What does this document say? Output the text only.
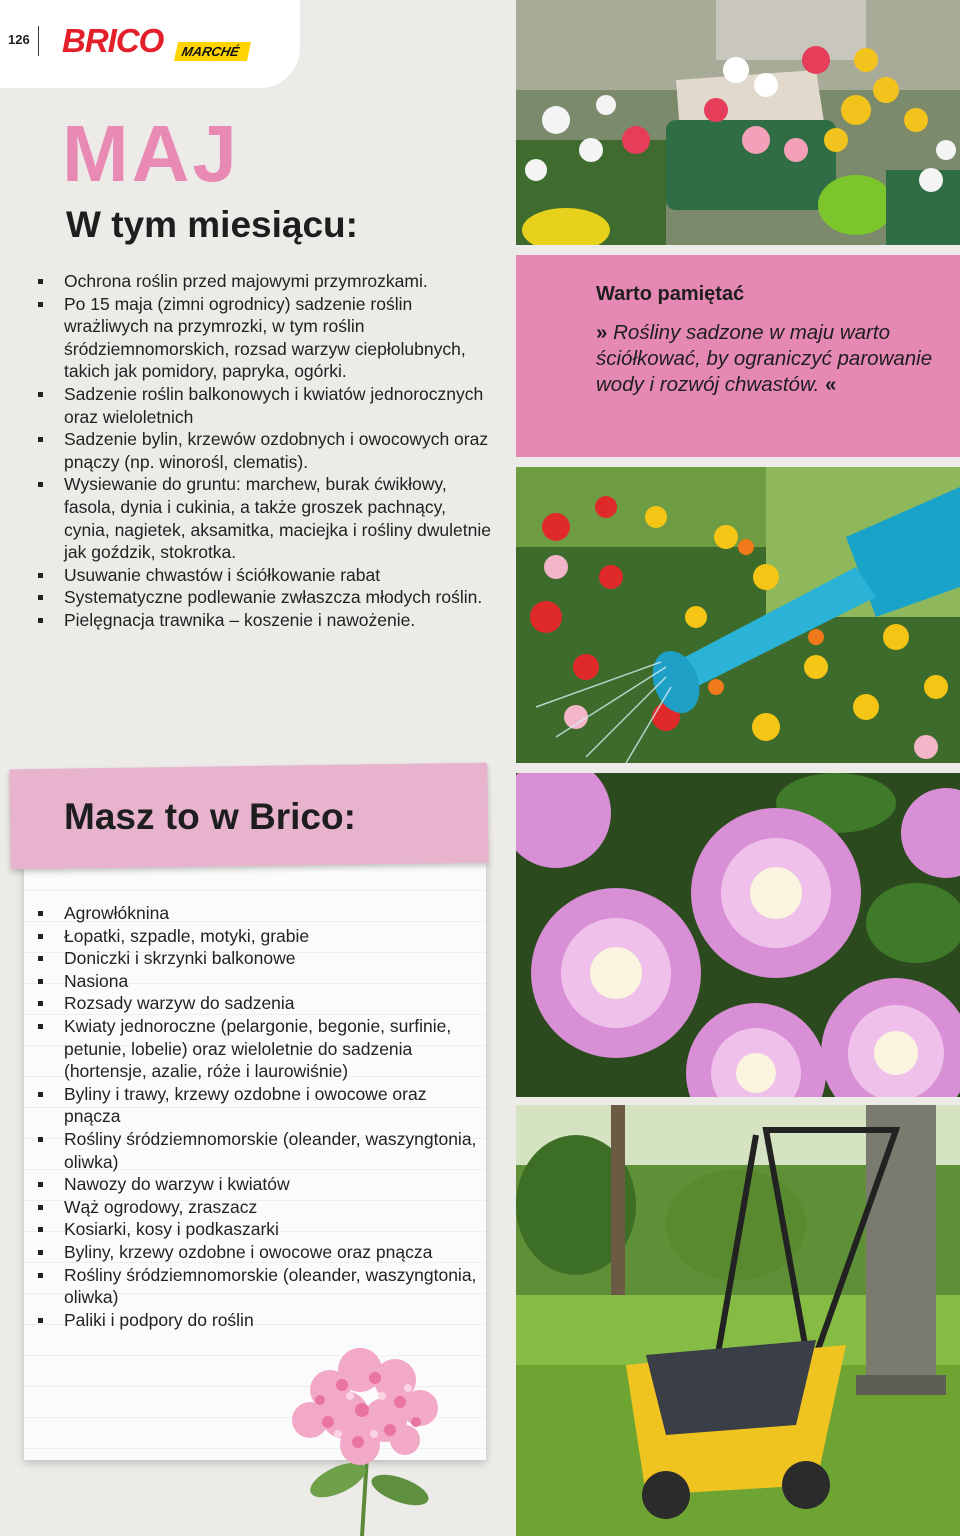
126 BRICO	MARCHÉ
MAJ
W tym miesiącu:
Ochrona roślin przed majowymi przymrozkami.
Po 15 maja (zimni ogrodnicy) sadzenie roślin wrażliwych na przymrozki, w tym roślin śródziemnomorskich, rozsad warzyw ciepłolubnych, takich jak pomidory, papryka, ogórki.
Sadzenie roślin balkonowych i kwiatów jednorocznych oraz wieloletnich
Sadzenie bylin, krzewów ozdobnych i owocowych oraz pnączy (np. winorośl, clematis).
Wysiewanie do gruntu: marchew, burak ćwikłowy, fasola, dynia i cukinia, a także groszek pachnący, cynia, nagietek, aksamitka, maciejka i rośliny dwuletnie jak goździk, stokrotka.
Usuwanie chwastów i ściółkowanie rabat
Systematyczne podlewanie zwłaszcza młodych roślin.
Pielęgnacja trawnika – koszenie i nawożenie.
Masz to w Brico:
Agrowłóknina
Łopatki, szpadle, motyki, grabie
Doniczki i skrzynki balkonowe
Nasiona
Rozsady warzyw do sadzenia
Kwiaty jednoroczne (pelargonie, begonie, surfinie, petunie, lobelie) oraz wieloletnie do sadzenia (hortensje, azalie, róże i laurowiśnie)
Byliny i trawy, krzewy ozdobne i owocowe oraz pnącza
Rośliny śródziemnomorskie (oleander, waszyngtonia, oliwka)
Nawozy do warzyw i kwiatów
Wąż ogrodowy, zraszacz
Kosiarki, kosy i podkaszarki
Byliny, krzewy ozdobne i owocowe oraz pnącza
Rośliny śródziemnomorskie (oleander, waszyngtonia, oliwka)
Paliki i podpory do roślin
Warto pamiętać
» Rośliny sadzone w maju warto ściółkować, by ograniczyć parowanie wody i rozwój chwastów. «
